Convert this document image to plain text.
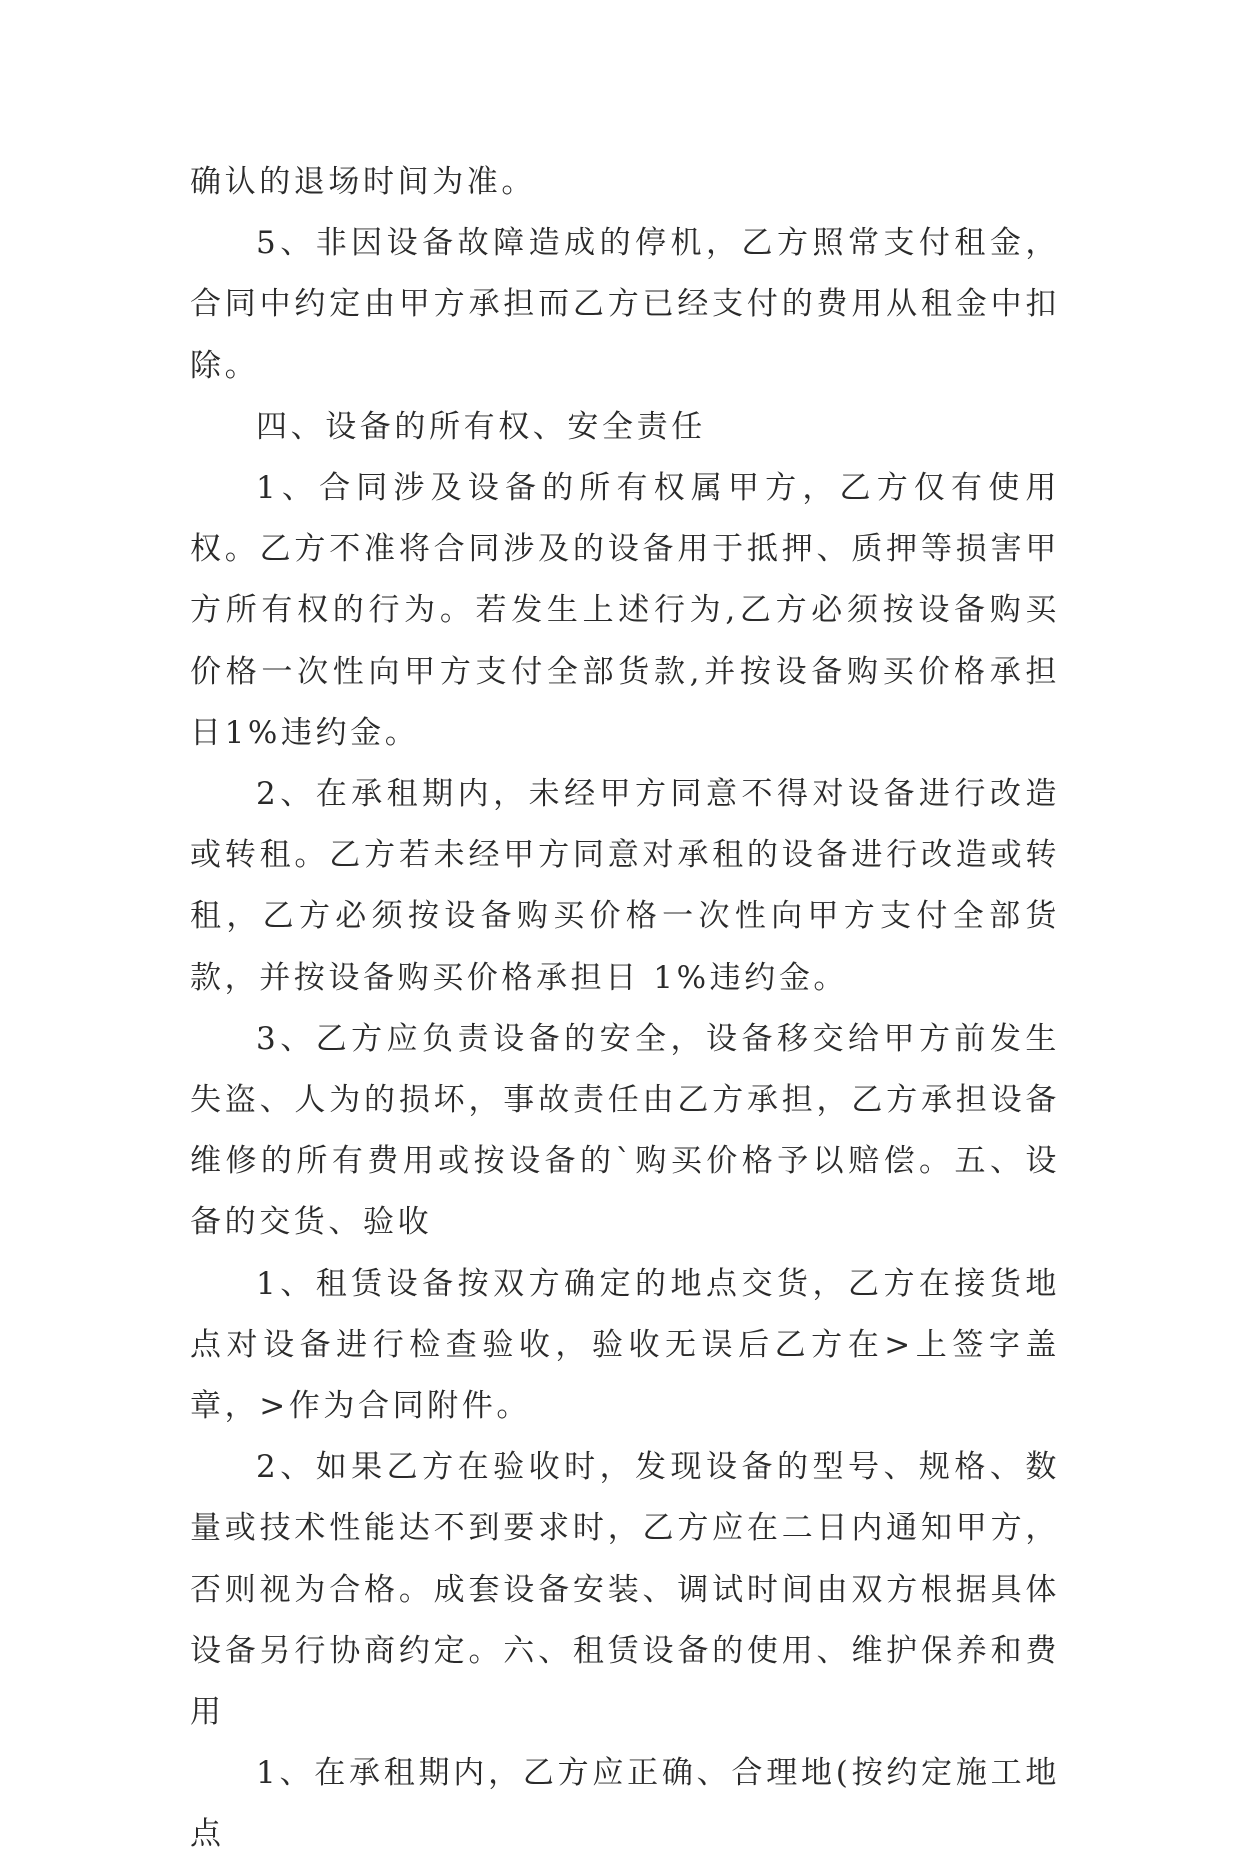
确认的退场时间为准。

5、非因设备故障造成的停机，乙方照常支付租金，合同中约定由甲方承担而乙方已经支付的费用从租金中扣除。

四、设备的所有权、安全责任

1、合同涉及设备的所有权属甲方，乙方仅有使用权。乙方不准将合同涉及的设备用于抵押、质押等损害甲方所有权的行为。若发生上述行为,乙方必须按设备购买价格一次性向甲方支付全部货款,并按设备购买价格承担日1%违约金。

2、在承租期内，未经甲方同意不得对设备进行改造或转租。乙方若未经甲方同意对承租的设备进行改造或转租，乙方必须按设备购买价格一次性向甲方支付全部货款，并按设备购买价格承担日 1%违约金。

3、乙方应负责设备的安全，设备移交给甲方前发生失盗、人为的损坏，事故责任由乙方承担，乙方承担设备维修的所有费用或按设备的`购买价格予以赔偿。五、设备的交货、验收

1、租赁设备按双方确定的地点交货，乙方在接货地点对设备进行检查验收，验收无误后乙方在>上签字盖章，>作为合同附件。

2、如果乙方在验收时，发现设备的型号、规格、数量或技术性能达不到要求时，乙方应在二日内通知甲方，否则视为合格。成套设备安装、调试时间由双方根据具体设备另行协商约定。六、租赁设备的使用、维护保养和费用

1、在承租期内，乙方应正确、合理地(按约定施工地点
